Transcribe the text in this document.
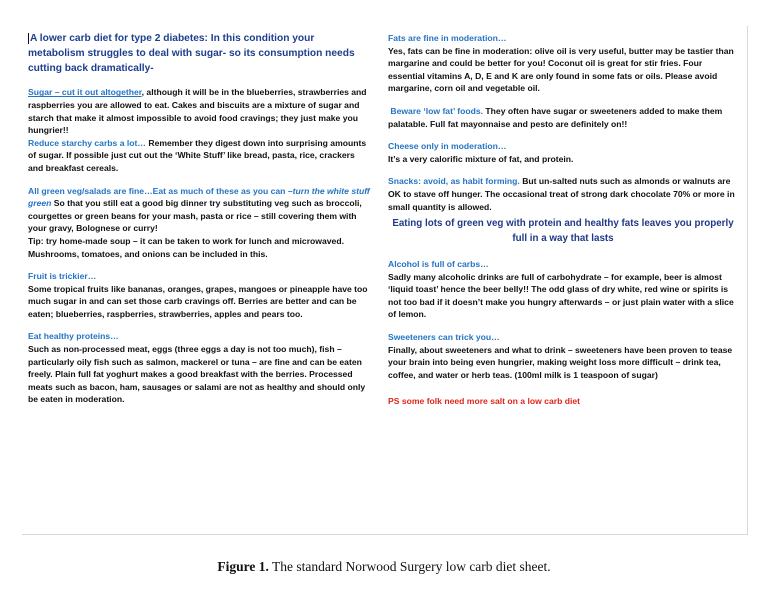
A lower carb diet for type 2 diabetes: In this condition your metabolism struggles to deal with sugar- so its consumption needs cutting back dramatically-

Sugar – cut it out altogether, although it will be in the blueberries, strawberries and raspberries you are allowed to eat. Cakes and biscuits are a mixture of sugar and starch that make it almost impossible to avoid food cravings; they just make you hungrier!!
Reduce starchy carbs a lot… Remember they digest down into surprising amounts of sugar. If possible just cut out the ‘White Stuff’ like bread, pasta, rice, crackers and breakfast cereals.

All green veg/salads are fine…Eat as much of these as you can –turn the white stuff green So that you still eat a good big dinner try substituting veg such as broccoli, courgettes or green beans for your mash, pasta or rice – still covering them with your gravy, Bolognese or curry!

Tip: try home-made soup – it can be taken to work for lunch and microwaved. Mushrooms, tomatoes, and onions can be included in this.

Fruit is trickier…

Some tropical fruits like bananas, oranges, grapes, mangoes or pineapple have too much sugar in and can set those carb cravings off. Berries are better and can be eaten; blueberries, raspberries, strawberries, apples and pears too.

Eat healthy proteins…

Such as non-processed meat, eggs (three eggs a day is not too much), fish – particularly oily fish such as salmon, mackerel or tuna – are fine and can be eaten freely. Plain full fat yoghurt makes a good breakfast with the berries. Processed meats such as bacon, ham, sausages or salami are not as healthy and should only be eaten in moderation.

Fats are fine in moderation…

Yes, fats can be fine in moderation: olive oil is very useful, butter may be tastier than margarine and could be better for you! Coconut oil is great for stir fries. Four essential vitamins A, D, E and K are only found in some fats or oils. Please avoid margarine, corn oil and vegetable oil.

Beware ‘low fat’ foods. They often have sugar or sweeteners added to make them palatable. Full fat mayonnaise and pesto are definitely on!!

Cheese only in moderation…

It’s a very calorific mixture of fat, and protein.

Snacks: avoid, as habit forming. But un-salted nuts such as almonds or walnuts are OK to stave off hunger. The occasional treat of strong dark chocolate 70% or more in small quantity is allowed.

Eating lots of green veg with protein and healthy fats leaves you properly full in a way that lasts

Alcohol is full of carbs…

Sadly many alcoholic drinks are full of carbohydrate – for example, beer is almost ‘liquid toast’ hence the beer belly!! The odd glass of dry white, red wine or spirits is not too bad if it doesn’t make you hungry afterwards – or just plain water with a slice of lemon.

Sweeteners can trick you…

Finally, about sweeteners and what to drink – sweeteners have been proven to tease your brain into being even hungrier, making weight loss more difficult – drink tea, coffee, and water or herb teas. (100ml milk is 1 teaspoon of sugar)

PS some folk need more salt on a low carb diet

Figure 1. The standard Norwood Surgery low carb diet sheet.
